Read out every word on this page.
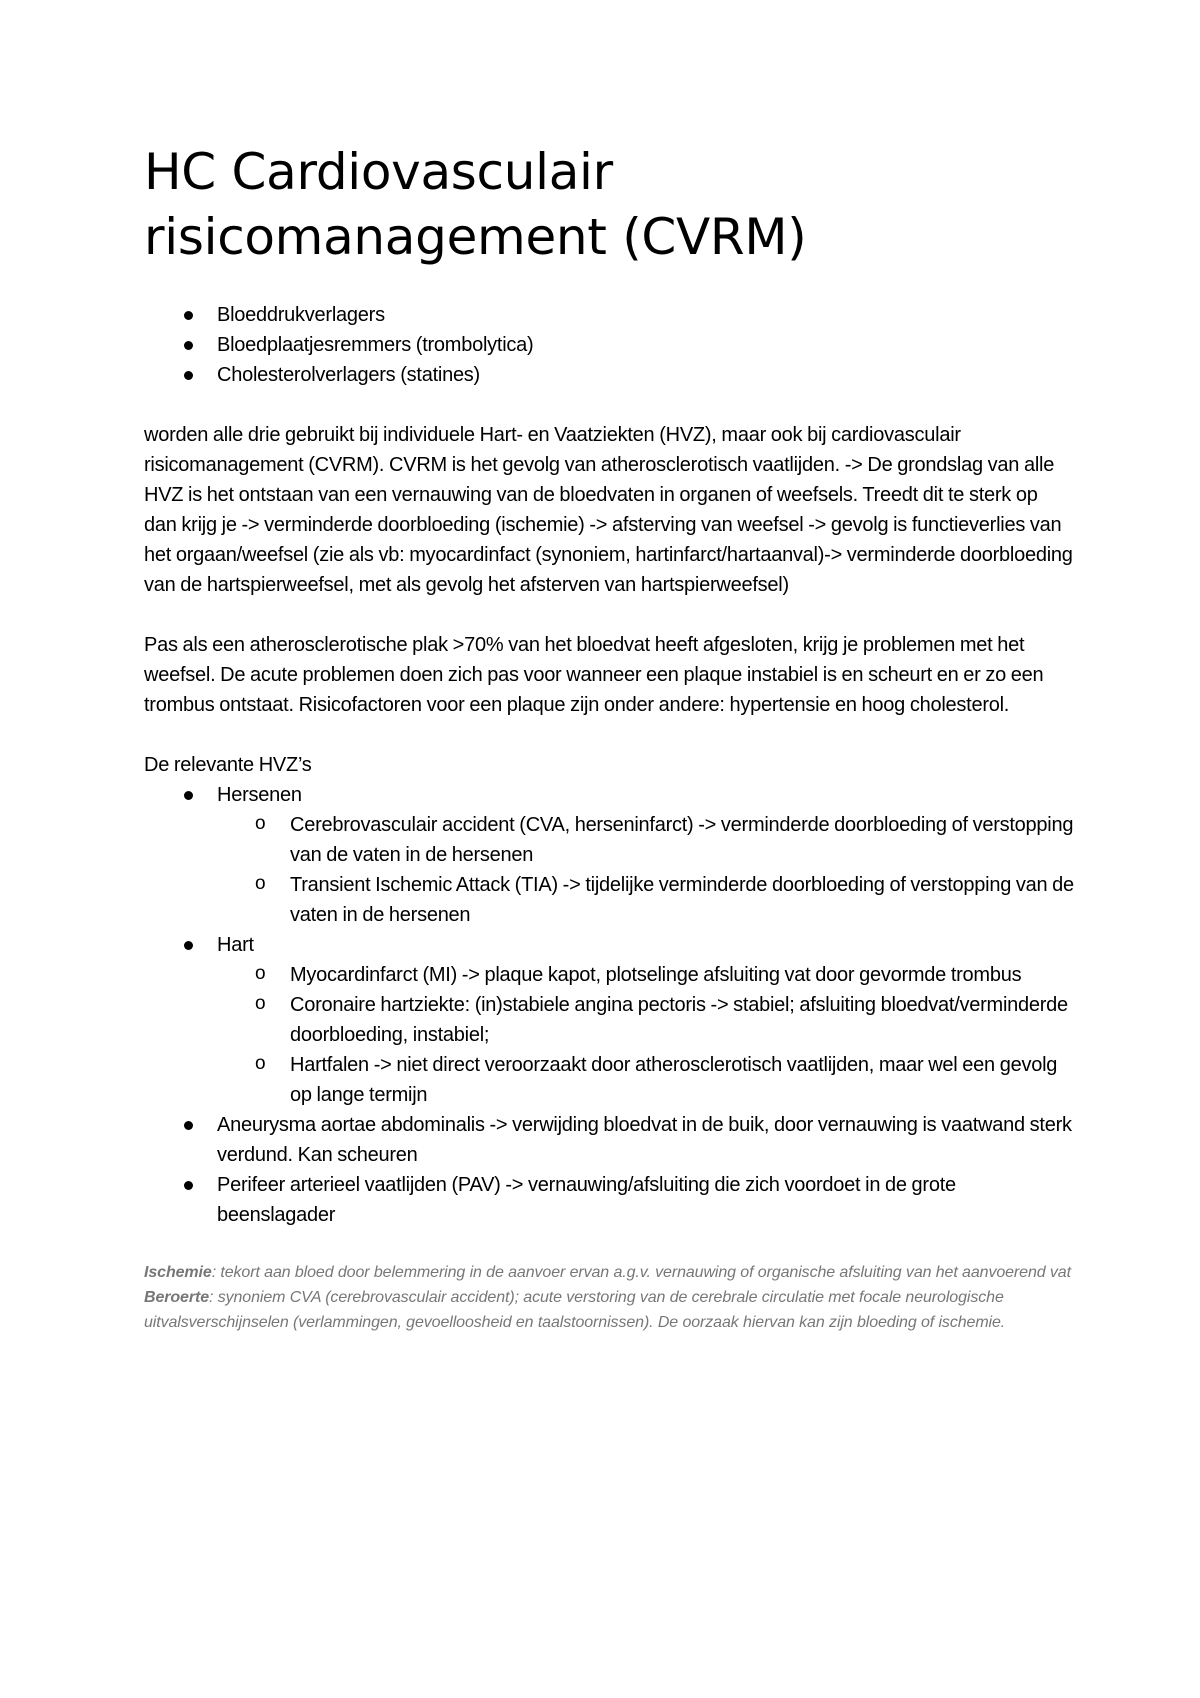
HC Cardiovasculair risicomanagement (CVRM)
Bloeddrukverlagers
Bloedplaatjesremmers (trombolytica)
Cholesterolverlagers (statines)

worden alle drie gebruikt bij individuele Hart- en Vaatziekten (HVZ), maar ook bij cardiovasculair risicomanagement (CVRM). CVRM is het gevolg van atherosclerotisch vaatlijden. -> De grondslag van alle HVZ is het ontstaan van een vernauwing van de bloedvaten in organen of weefsels. Treedt dit te sterk op dan krijg je -> verminderde doorbloeding (ischemie) -> afsterving van weefsel -> gevolg is functieverlies van het orgaan/weefsel (zie als vb: myocardinfact (synoniem, hartinfarct/hartaanval)-> verminderde doorbloeding van de hartspierweefsel, met als gevolg het afsterven van hartspierweefsel)

Pas als een atherosclerotische plak >70% van het bloedvat heeft afgesloten, krijg je problemen met het weefsel. De acute problemen doen zich pas voor wanneer een plaque instabiel is en scheurt en er zo een trombus ontstaat. Risicofactoren voor een plaque zijn onder andere: hypertensie en hoog cholesterol.

De relevante HVZ’s
Hersenen
o Cerebrovasculair accident (CVA, herseninfarct) -> verminderde doorbloeding of verstopping van de vaten in de hersenen
o Transient Ischemic Attack (TIA) -> tijdelijke verminderde doorbloeding of verstopping van de vaten in de hersenen
Hart
o Myocardinfarct (MI) -> plaque kapot, plotselinge afsluiting vat door gevormde trombus
o Coronaire hartziekte: (in)stabiele angina pectoris -> stabiel; afsluiting bloedvat/verminderde doorbloeding, instabiel;
o Hartfalen -> niet direct veroorzaakt door atherosclerotisch vaatlijden, maar wel een gevolg op lange termijn
Aneurysma aortae abdominalis -> verwijding bloedvat in de buik, door vernauwing is vaatwand sterk verdund. Kan scheuren
Perifeer arterieel vaatlijden (PAV) -> vernauwing/afsluiting die zich voordoet in de grote beenslagader
Ischemie: tekort aan bloed door belemmering in de aanvoer ervan a.g.v. vernauwing of organische afsluiting van het aanvoerend vat
Beroerte: synoniem CVA (cerebrovasculair accident); acute verstoring van de cerebrale circulatie met focale neurologische uitvalsverschijnselen (verlammingen, gevoelloosheid en taalstoornissen). De oorzaak hiervan kan zijn bloeding of ischemie.
